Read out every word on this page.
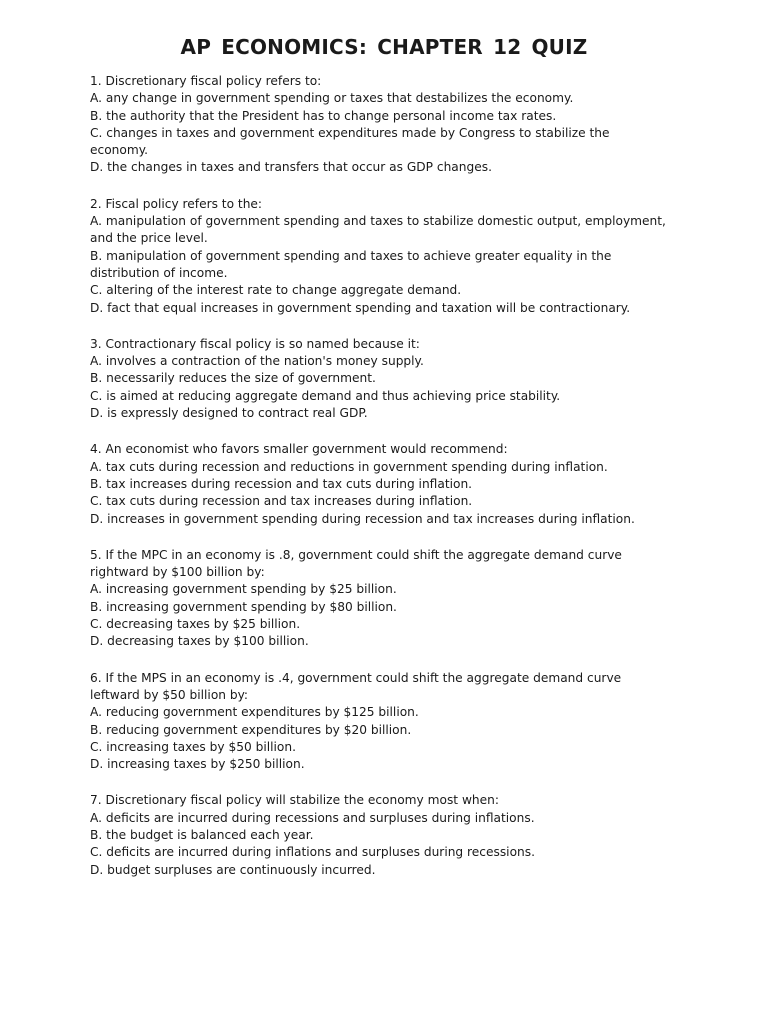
AP ECONOMICS: CHAPTER 12 QUIZ
1. Discretionary fiscal policy refers to:
A. any change in government spending or taxes that destabilizes the economy.
B. the authority that the President has to change personal income tax rates.
C. changes in taxes and government expenditures made by Congress to stabilize the economy.
D. the changes in taxes and transfers that occur as GDP changes.
2. Fiscal policy refers to the:
A. manipulation of government spending and taxes to stabilize domestic output, employment, and the price level.
B. manipulation of government spending and taxes to achieve greater equality in the distribution of income.
C. altering of the interest rate to change aggregate demand.
D. fact that equal increases in government spending and taxation will be contractionary.
3. Contractionary fiscal policy is so named because it:
A. involves a contraction of the nation's money supply.
B. necessarily reduces the size of government.
C. is aimed at reducing aggregate demand and thus achieving price stability.
D. is expressly designed to contract real GDP.
4. An economist who favors smaller government would recommend:
A. tax cuts during recession and reductions in government spending during inflation.
B. tax increases during recession and tax cuts during inflation.
C. tax cuts during recession and tax increases during inflation.
D. increases in government spending during recession and tax increases during inflation.
5. If the MPC in an economy is .8, government could shift the aggregate demand curve rightward by $100 billion by:
A. increasing government spending by $25 billion.
B. increasing government spending by $80 billion.
C. decreasing taxes by $25 billion.
D. decreasing taxes by $100 billion.
6. If the MPS in an economy is .4, government could shift the aggregate demand curve leftward by $50 billion by:
A. reducing government expenditures by $125 billion.
B. reducing government expenditures by $20 billion.
C. increasing taxes by $50 billion.
D. increasing taxes by $250 billion.
7. Discretionary fiscal policy will stabilize the economy most when:
A. deficits are incurred during recessions and surpluses during inflations.
B. the budget is balanced each year.
C. deficits are incurred during inflations and surpluses during recessions.
D. budget surpluses are continuously incurred.
